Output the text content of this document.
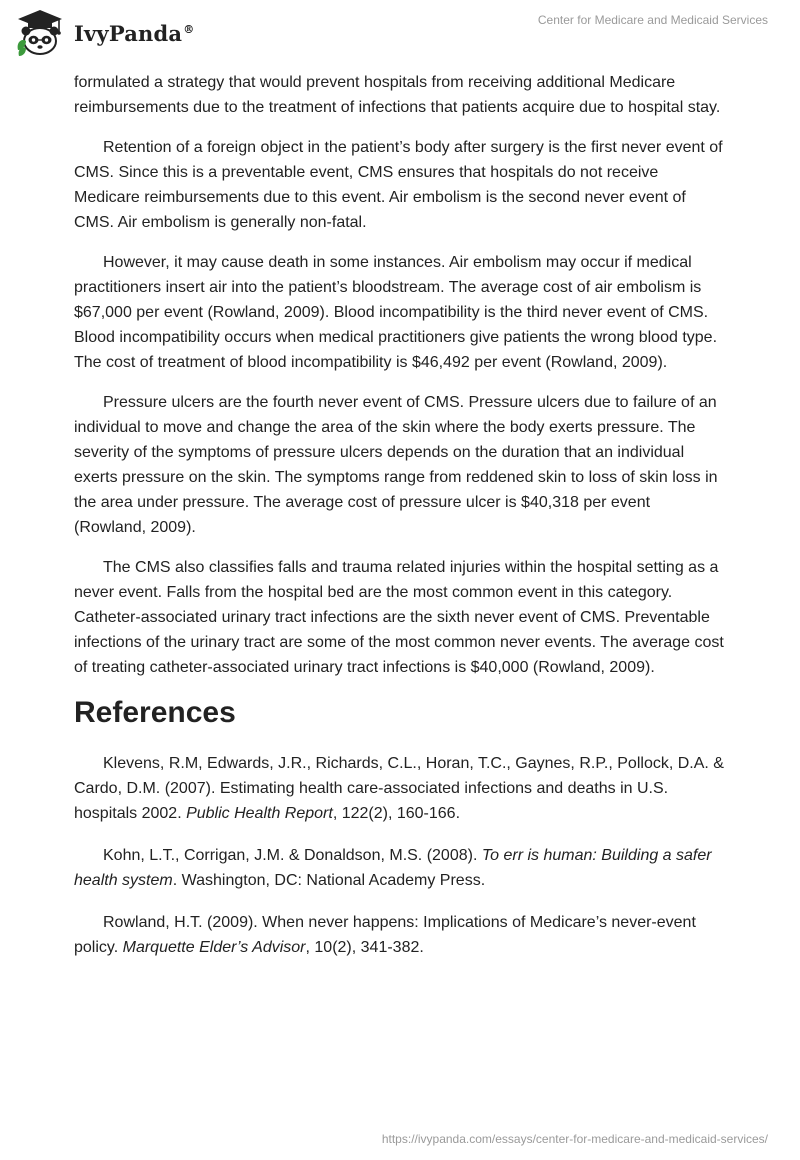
IvyPanda®
Center for Medicare and Medicaid Services

formulated a strategy that would prevent hospitals from receiving additional Medicare reimbursements due to the treatment of infections that patients acquire due to hospital stay.

Retention of a foreign object in the patient’s body after surgery is the first never event of CMS. Since this is a preventable event, CMS ensures that hospitals do not receive Medicare reimbursements due to this event. Air embolism is the second never event of CMS. Air embolism is generally non-fatal.

However, it may cause death in some instances. Air embolism may occur if medical practitioners insert air into the patient’s bloodstream. The average cost of air embolism is $67,000 per event (Rowland, 2009). Blood incompatibility is the third never event of CMS. Blood incompatibility occurs when medical practitioners give patients the wrong blood type. The cost of treatment of blood incompatibility is $46,492 per event (Rowland, 2009).

Pressure ulcers are the fourth never event of CMS. Pressure ulcers due to failure of an individual to move and change the area of the skin where the body exerts pressure. The severity of the symptoms of pressure ulcers depends on the duration that an individual exerts pressure on the skin. The symptoms range from reddened skin to loss of skin loss in the area under pressure. The average cost of pressure ulcer is $40,318 per event (Rowland, 2009).

The CMS also classifies falls and trauma related injuries within the hospital setting as a never event. Falls from the hospital bed are the most common event in this category. Catheter-associated urinary tract infections are the sixth never event of CMS. Preventable infections of the urinary tract are some of the most common never events. The average cost of treating catheter-associated urinary tract infections is $40,000 (Rowland, 2009).

References

Klevens, R.M, Edwards, J.R., Richards, C.L., Horan, T.C., Gaynes, R.P., Pollock, D.A. & Cardo, D.M. (2007). Estimating health care-associated infections and deaths in U.S. hospitals 2002. Public Health Report, 122(2), 160-166.

Kohn, L.T., Corrigan, J.M. & Donaldson, M.S. (2008). To err is human: Building a safer health system. Washington, DC: National Academy Press.

Rowland, H.T. (2009). When never happens: Implications of Medicare’s never-event policy. Marquette Elder’s Advisor, 10(2), 341-382.

https://ivypanda.com/essays/center-for-medicare-and-medicaid-services/
